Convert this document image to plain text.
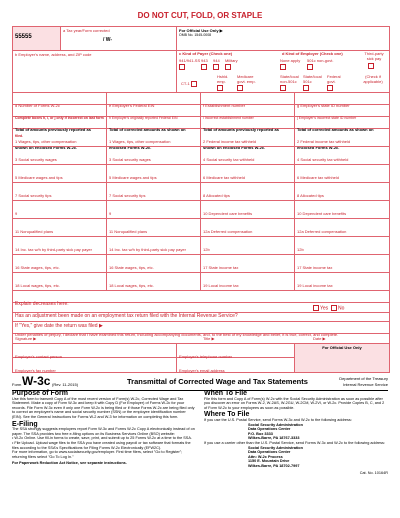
DO NOT CUT, FOLD, OR STAPLE
55555
a Tax year/Form corrected
/ W-
For Official Use Only ▶
OMB No. 1545-0008
b Employer's name, address, and ZIP code	c Kind of Payer (Check one)	d Kind of Employer (Check one)	Third-party sick pay
941/941-SS 943 944 Military

Hshld. emp.

Medicare govt. emp.

CT-1
None apply 501c non-govt.

State/local non-501c

State/local 501c

Federal govt.

(Check if applicable)
d Number of Forms W-2c	e Employer's Federal EIN	f Establishment number	g Employer's state ID number
Complete boxes h, i, or j only if incorrect on last form filed.
h Employer's originally reported Federal EIN	i Incorrect establishment number	j Employer's incorrect state ID number
Total of amounts previously reported as shown on enclosed Forms W-2c.
Total of corrected amounts as shown on enclosed Forms W-2c.
Total of amounts previously reported as shown on enclosed Forms W-2c.
Total of corrected amounts as shown on enclosed Forms W-2c.
1 Wages, tips, other compensation	1 Wages, tips, other compensation	2 Federal income tax withheld	2 Federal income tax withheld
3 Social security wages	3 Social security wages	4 Social security tax withheld	4 Social security tax withheld
5 Medicare wages and tips	5 Medicare wages and tips	6 Medicare tax withheld	6 Medicare tax withheld
7 Social security tips	7 Social security tips	8 Allocated tips	8 Allocated tips
9	9	10 Dependent care benefits	10 Dependent care benefits
11 Nonqualified plans	11 Nonqualified plans	12a Deferred compensation	12a Deferred compensation
14 Inc. tax w/h by third-party sick pay payer	14 Inc. tax w/h by third-party sick pay payer	12b	12b
16 State wages, tips, etc.	16 State wages, tips, etc.	17 State income tax	17 State income tax
18 Local wages, tips, etc.	18 Local wages, tips, etc.	19 Local income tax	19 Local income tax
Explain decreases here:
Has an adjustment been made on an employment tax return filed with the Internal Revenue Service?
Yes No
If "Yes," give date the return was filed ▶
Under penalties of perjury, I declare that I have examined this return, including accompanying documents, and, to the best of my knowledge and belief, it is true, correct, and complete.
Signature ▶	Title ▶	Date ▶
Employer's contact person	Employer's telephone number
For Official Use Only
Employer's fax number	Employer's email address
Form W-3c (Rev. 11-2015)	Transmittal of Corrected Wage and Tax Statements	Department of the Treasury
Internal Revenue Service
Purpose of Form
Use this form to transmit Copy A of the most recent version of Form(s) W-2c, Corrected Wage and Tax Statement. Make a copy of Form W-3c and keep it with Copy D (For Employer) of Forms W-2c for your records. File Form W-3c even if only one Form W-2c is being filed or if those Forms W-2c are being filed only to correct an employee's name and social security number (SSN) or the employee identification number (EIN). See the General Instructions for Forms W-2 and W-3 for information on completing this form.
E-Filing
The SSA strongly suggests employers report Form W-3c and Forms W-2c Copy A electronically instead of on paper. The SSA provides two free e-filing options on its Business Services Online (BSO) website:
• W-2c Online. Use fill-in forms to create, save, print, and submit up to 25 Forms W-2c at a time to the SSA.
• File Upload. Upload wage files to the SSA you have created using payroll or tax software that formats the files according to the SSA's Specifications for Filing Forms W-2c Electronically (EFW2C).
For more information, go to www.socialsecurity.gov/employer. First time filers, select "Go to Register"; returning filers select "Go To Log In."
For Paperwork Reduction Act Notice, see separate instructions.
When To File
File this form and Copy A of Form(s) W-2c with the Social Security Administration as soon as possible after you discover an error on Forms W-2, W-2AS, W-2GU, W-2CM, W-2VI, or W-2c. Provide Copies B, C, and 2 of Form W-2c to your employees as soon as possible.
Where To File
If you use the U.S. Postal Service, send Forms W-3c and W-2c to the following address:
Social Security Administration
Data Operations Center
P.O. Box 3333
Wilkes-Barre, PA 18767-3333
If you use a carrier other than the U.S. Postal Service, send Forms W-3c and W-2c to the following address:
Social Security Administration
Data Operations Center
Attn: W-2c Process
1150 E. Mountain Drive
Wilkes-Barre, PA 18702-7997
Cat. No. 10164R
